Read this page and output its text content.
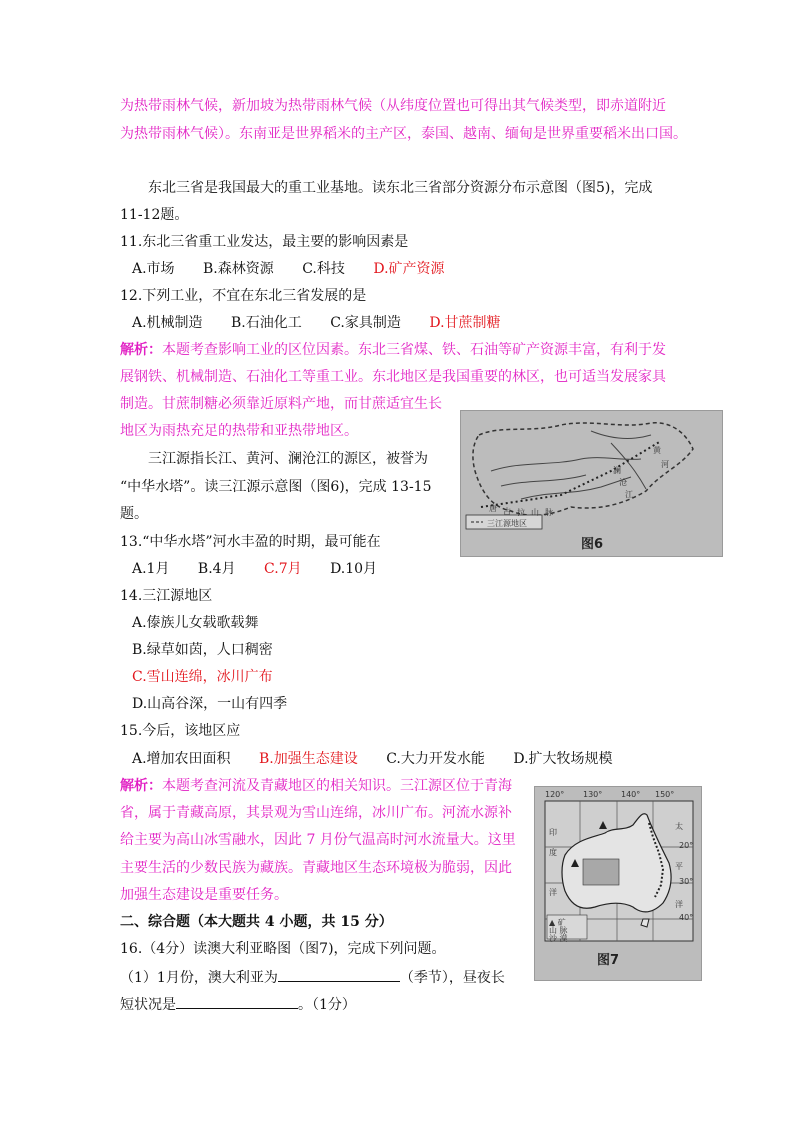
为热带雨林气候，新加坡为热带雨林气候（从纬度位置也可得出其气候类型，即赤道附近
为热带雨林气候）。东南亚是世界稻米的主产区，泰国、越南、缅甸是世界重要稻米出口国。
东北三省是我国最大的重工业基地。读东北三省部分资源分布示意图（图5)，完成
11-12题。
11.东北三省重工业发达，最主要的影响因素是
A.市场 B.森林资源 C.科技 D.矿产资源
12.下列工业，不宜在东北三省发展的是
A.机械制造 B.石油化工 C.家具制造 D.甘蔗制糖
解析：本题考查影响工业的区位因素。东北三省煤、铁、石油等矿产资源丰富，有利于发
展钢铁、机械制造、石油化工等重工业。东北地区是我国重要的林区，也可适当发展家具
制造。甘蔗制糖必须靠近原料产地，而甘蔗适宜生长
地区为雨热充足的热带和亚热带地区。
三江源指长江、黄河、澜沧江的源区，被誉为
“中华水塔”。读三江源示意图（图6)，完成 13-15
题。
三江源地区
黄
河
澜
沧
江
唐 古 拉 山 脉
图6
13.“中华水塔”河水丰盈的时期，最可能在
A.1月 B.4月 C.7月 D.10月
14.三江源地区
A.傣族儿女载歌载舞
B.绿草如茵，人口稠密
C.雪山连绵，冰川广布
D.山高谷深，一山有四季
15.今后，该地区应
A.增加农田面积 B.加强生态建设 C.大力开发水能 D.扩大牧场规模
解析：本题考查河流及青藏地区的相关知识。三江源区位于青海
省，属于青藏高原，其景观为雪山连绵，冰川广布。河流水源补
给主要为高山冰雪融水，因此 7 月份气温高时河水流量大。这里
主要生活的少数民族为藏族。青藏地区生态环境极为脆弱，因此
加强生态建设是重要任务。
120° 130° 140° 150°
20°
30°
40°
印
度
洋
太
平
洋
▲ 矿
山 脉
沙 漠
图7
二、综合题（本大题共 4 小题，共 15 分）
16.（4分）读澳大利亚略图（图7)，完成下列问题。
（1）1月份，澳大利亚为	（季节），昼夜长
短状况是	。（1分）
